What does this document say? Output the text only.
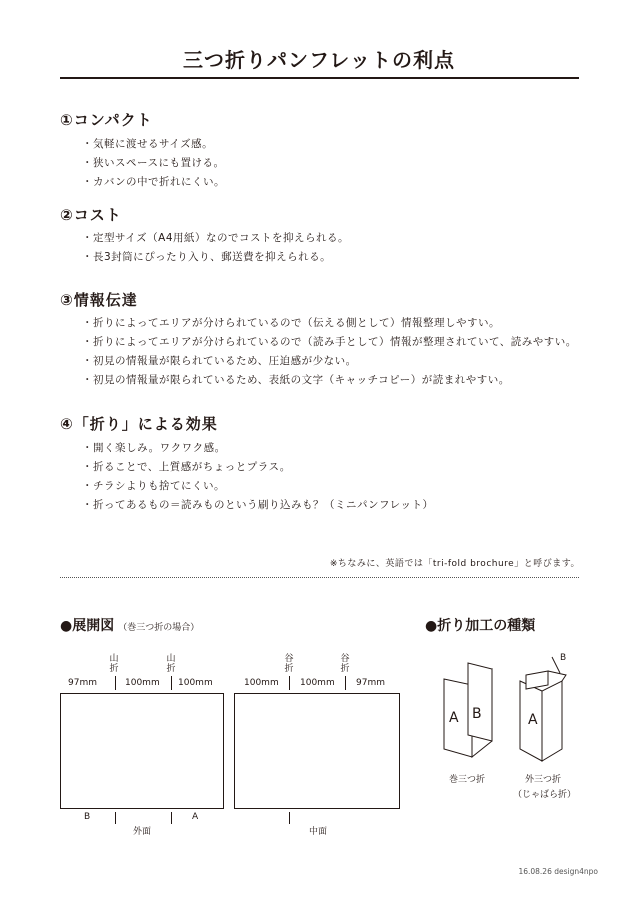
三つ折りパンフレットの利点
①コンパクト
・気軽に渡せるサイズ感。
・狭いスペースにも置ける。
・カバンの中で折れにくい。
②コスト
・定型サイズ（A4用紙）なのでコストを抑えられる。
・長3封筒にぴったり入り、郵送費を抑えられる。
③情報伝達
・折りによってエリアが分けられているので（伝える側として）情報整理しやすい。
・折りによってエリアが分けられているので（読み手として）情報が整理されていて、読みやすい。
・初見の情報量が限られているため、圧迫感が少ない。
・初見の情報量が限られているため、表紙の文字（キャッチコピー）が読まれやすい。
④「折り」による効果
・開く楽しみ。ワクワク感。
・折ることで、上質感がちょっとプラス。
・チラシよりも捨てにくい。
・折ってあるもの＝読みものという刷り込みも？（ミニパンフレット）
※ちなみに、英語では「tri-fold brochure」と呼びます。
●展開図 （巻三つ折の場合）
山折
山折
97mm	100mm 100mm
B	A
外面
谷折
谷折
100mm 100mm 97mm
中面
●折り加工の種類
A B	A
B
巻三つ折	外三つ折
（じゃばら折）
16.08.26 design4npo
